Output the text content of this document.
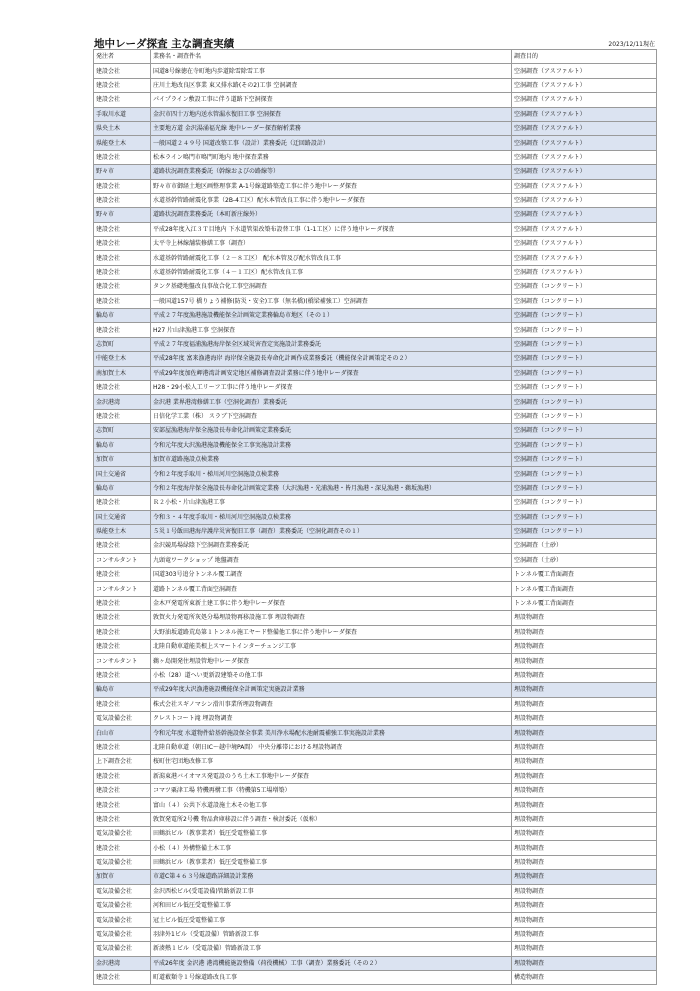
地中レーダ探査 主な調査実績	2023/12/11現在
発注者	業務名・調査件名	調査目的
建設会社	国道8号線徳在寺町地内歩道除雪除雪工事	空洞調査（アスファルト）
建設会社	庄川土地改良区事業 東又排水路(その2)工事 空洞調査	空洞調査（アスファルト）
建設会社	パイプライン敷設工事に伴う道路下空洞探査	空洞調査（アスファルト）
手取川水道	金沢市四十万地内送水管漏水復旧工事 空洞探査	空洞調査（アスファルト）
県央土木	主要地方道 金沢湯涌福光線 地中レーダー探査解析業務	空洞調査（アスファルト）
県能登土木	一般国道２４９号 国道改築工事（設計）業務委託（迂回路設計）	空洞調査（アスファルト）
建設会社	松本ライン鳴門市鳴門町地内 地中探査業務	空洞調査（アスファルト）
野々市	道路状況調査業務委託（幹線およびの路線等）	空洞調査（アスファルト）
建設会社	野々市市御経土地区画整理事業 A-1号線道路築造工事に伴う地中レーダ探査	空洞調査（アスファルト）
建設会社	水道基幹管路耐震化事業（2B-4工区）配水本管改良工事に伴う地中レーダ探査	空洞調査（アスファルト）
野々市	道路状況調査業務委託（本町新庄線外）	空洞調査（アスファルト）
建設会社	平成28年度入江３Ｔ目地内 下水道管渠改築布設替工事（1-1工区）に伴う地中レーダ探査	空洞調査（アスファルト）
建設会社	太平寺上林線舗装修繕工事（調査）	空洞調査（アスファルト）
建設会社	水道基幹管路耐震化工事（２－８工区） 配水本管及び配水管改良工事	空洞調査（アスファルト）
建設会社	水道基幹管路耐震化工事（４－１工区）配水管改良工事	空洞調査（アスファルト）
建設会社	タンク基礎地盤改良事故合化工事空洞調査	空洞調査（コンクリート）
建設会社	一般国道157号 橋りょう補修(防災・安全)工事（無名橋)(橋梁補強工）空洞調査	空洞調査（コンクリート）
輪島市	平成２７年度漁港施設機能保全計画策定業務輪島市地区（その１）	空洞調査（コンクリート）
建設会社	H27 片山津漁港工事 空洞探査	空洞調査（コンクリート）
志賀町	平成２７年度福浦漁港海岸保全区域災害査定実施設計業務委託	空洞調査（コンクリート）
中能登土木	平成28年度 富来漁港海岸 海岸保全施設長寿命化計画作成業務委託（機能保全計画策定その２）	空洞調査（コンクリート）
南加賀土木	平成29年度加佐岬港湾計画安定地区補修調査設計業務に伴う地中レーダ探査	空洞調査（コンクリート）
建設会社	H28・29小松人工リーフ工事に伴う地中レーダ探査	空洞調査（コンクリート）
金沢港湾	金沢港 業界港湾修繕工事（空洞化調査）業務委託	空洞調査（コンクリート）
建設会社	日信化学工業（株） スラブ下空洞調査	空洞調査（コンクリート）
志賀町	安部屋漁港海岸保全施設長寿命化計画策定業務委託	空洞調査（コンクリート）
輪島市	令和元年度大沢漁港施設機能保全工事実施設計業務	空洞調査（コンクリート）
加賀市	加賀市道路施設点検業務	空洞調査（コンクリート）
国土交通省	令和２年度手取川・梯川河川空洞施設点検業務	空洞調査（コンクリート）
輪島市	令和２年度海岸保全施設長寿命化計画策定業務（大沢漁港・光浦漁港・皆月漁港・深見漁港・鵜坂漁港）	空洞調査（コンクリート）
建設会社	Ｒ２小松・片山津漁港工事	空洞調査（コンクリート）
国土交通省	令和３・４年度手取川・梯川河川空洞施設点検業務	空洞調査（コンクリート）
県能登土木	５災１号飯田港海岸護岸災害復旧工事（調査）業務委託（空洞化調査その１）	空洞調査（コンクリート）
建設会社	金沢競馬場緑陰下空洞調査業務委託	空洞調査（土砂）
コンサルタント	九頭竜ワークショップ 地盤調査	空洞調査（土砂）
建設会社	国道303号追分トンネル覆工調査	トンネル覆工背面調査
コンサルタント	道路トンネル覆工背面空洞調査	トンネル覆工背面調査
建設会社	金木戸発電所東新土建工事に伴う地中レーダ探査	トンネル覆工背面調査
建設会社	敦賀火力発電所灰処分場埋設物再移設施工事 埋設物調査	埋設物調査
建設会社	大野油坂道路荒島第１トンネル施工ヤード整備他工事に伴う地中レーダ探査	埋設物調査
建設会社	北陸自動車道能美根上スマートインターチェンジ工事	埋設物調査
コンサルタント	鵜ヶ島開発住埋設管地中レーダ探査	埋設物調査
建設会社	小松（28）道へい更新設建築その他工事	埋設物調査
輪島市	平成29年度大沢漁港施設機能保全計画策定実施設計業務	埋設物調査
建設会社	株式会社スギノマシン滑川事業所埋設物調査	埋設物調査
電気設備会社	クレストコート滝 埋設物調査	埋設物調査
白山市	令和元年度 水道物件給基幹施設保全事業 美川浄水場配水池耐震補強工事実施設計業務	埋設物調査
建設会社	北陸自動車道（朝日IC～越中境PA間） 中央分離帯における埋設物調査	埋設物調査
上下調査会社	桜町住宅団地改修工事	埋設物調査
建設会社	新潟東港バイオマス発電設のうち土木工事地中レーダ探査	埋設物調査
建設会社	コマツ粟津工場 特機再構工事（特機第5工場増築）	埋設物調査
建設会社	富山（４）公共下水道設施土木その他工事	埋設物調査
建設会社	敦賀発電所2号機 物品倉庫移設に伴う調査・検討委託（仮称）	埋設物調査
電気設備会社	田鶴浜ビル（教事業者）低圧受電整備工事	埋設物調査
建設会社	小松（４）外構整備土木工事	埋設物調査
電気設備会社	田鶴浜ビル（教事業者）低圧受電整備工事	埋設物調査
加賀市	市道C第４６３号線道路詳細設計業務	埋設物調査
電気設備会社	金沢西松ビル(受電設備)管路新設工事	埋設物調査
電気設備会社	河和田ビル低圧受電整備工事	埋設物調査
電気設備会社	冠土ビル低圧受電整備工事	埋設物調査
電気設備会社	羽津外1ビル（受電設備）管路新設工事	埋設物調査
電気設備会社	新湊熱１ビル（受電設備）管路新設工事	埋設物調査
金沢港湾	平成26年度 金沢港 港湾機能施設整備（荷役機械）工事（調査）業務委託（その２）	埋設物調査
建設会社	町道薮類寺１号線道路改良工事	構造物調査
